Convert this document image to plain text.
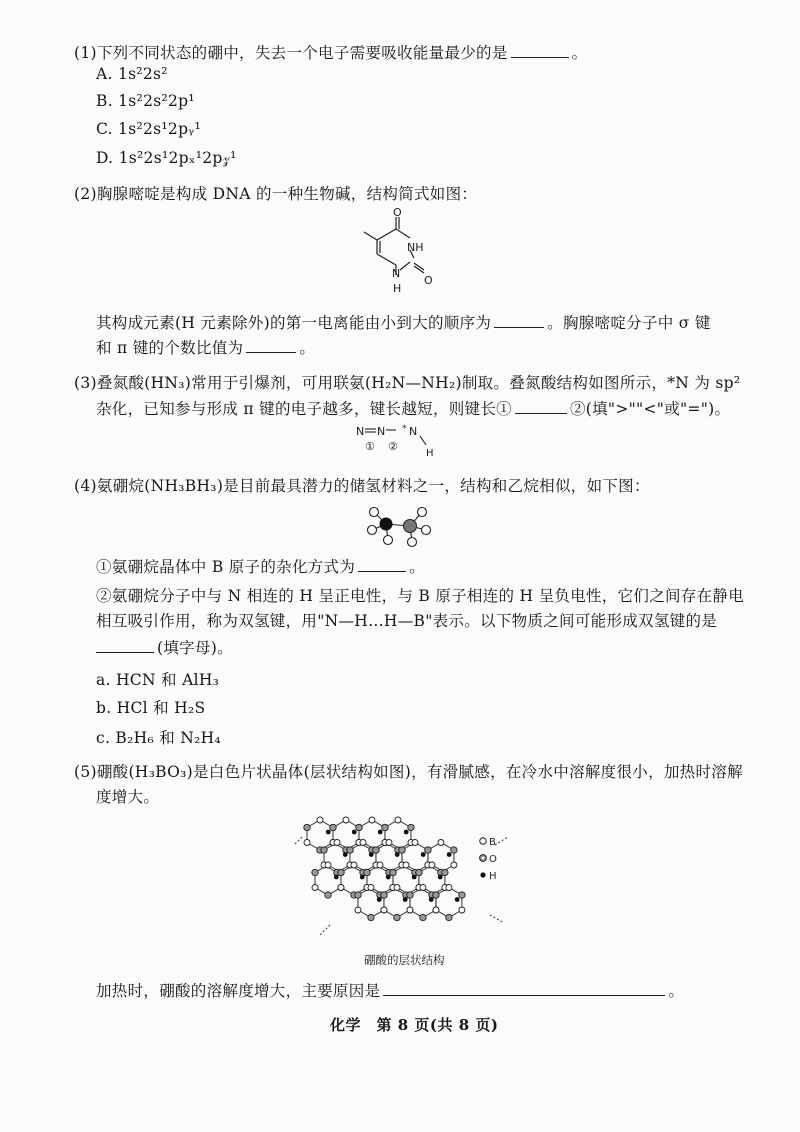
(1)下列不同状态的硼中，失去一个电子需要吸收能量最少的是	。
A. 1s²2s²
B. 1s²2s²2p¹
C. 1s²2s¹2pᵧ¹
D. 1s²2s¹2pₓ¹2p𝓏¹
(2)胸腺嘧啶是构成 DNA 的一种生物碱，结构简式如图：
O
NH
N
H
O
其构成元素(H 元素除外)的第一电离能由小到大的顺序为	。胸腺嘧啶分子中 σ 键
和 π 键的个数比值为	。
(3)叠氮酸(HN₃)常用于引爆剂，可用联氨(H₂N—NH₂)制取。叠氮酸结构如图所示，*N 为 sp²
杂化，已知参与形成 π 键的电子越多，键长越短，则键长①	②(填">""<"或"=")。
N N * N
① ②
H
(4)氨硼烷(NH₃BH₃)是目前最具潜力的储氢材料之一，结构和乙烷相似，如下图：
①氨硼烷晶体中 B 原子的杂化方式为	。
②氨硼烷分子中与 N 相连的 H 呈正电性，与 B 原子相连的 H 呈负电性，它们之间存在静电
相互吸引作用，称为双氢键，用"N—H…H—B"表示。以下物质之间可能形成双氢键的是
(填字母)。
a. HCN 和 AlH₃
b. HCl 和 H₂S
c. B₂H₆ 和 N₂H₄
(5)硼酸(H₃BO₃)是白色片状晶体(层状结构如图)，有滑腻感，在冷水中溶解度很小，加热时溶解
度增大。
B
O
H
硼酸的层状结构
加热时，硼酸的溶解度增大，主要原因是	。
化学　第 8 页(共 8 页)
